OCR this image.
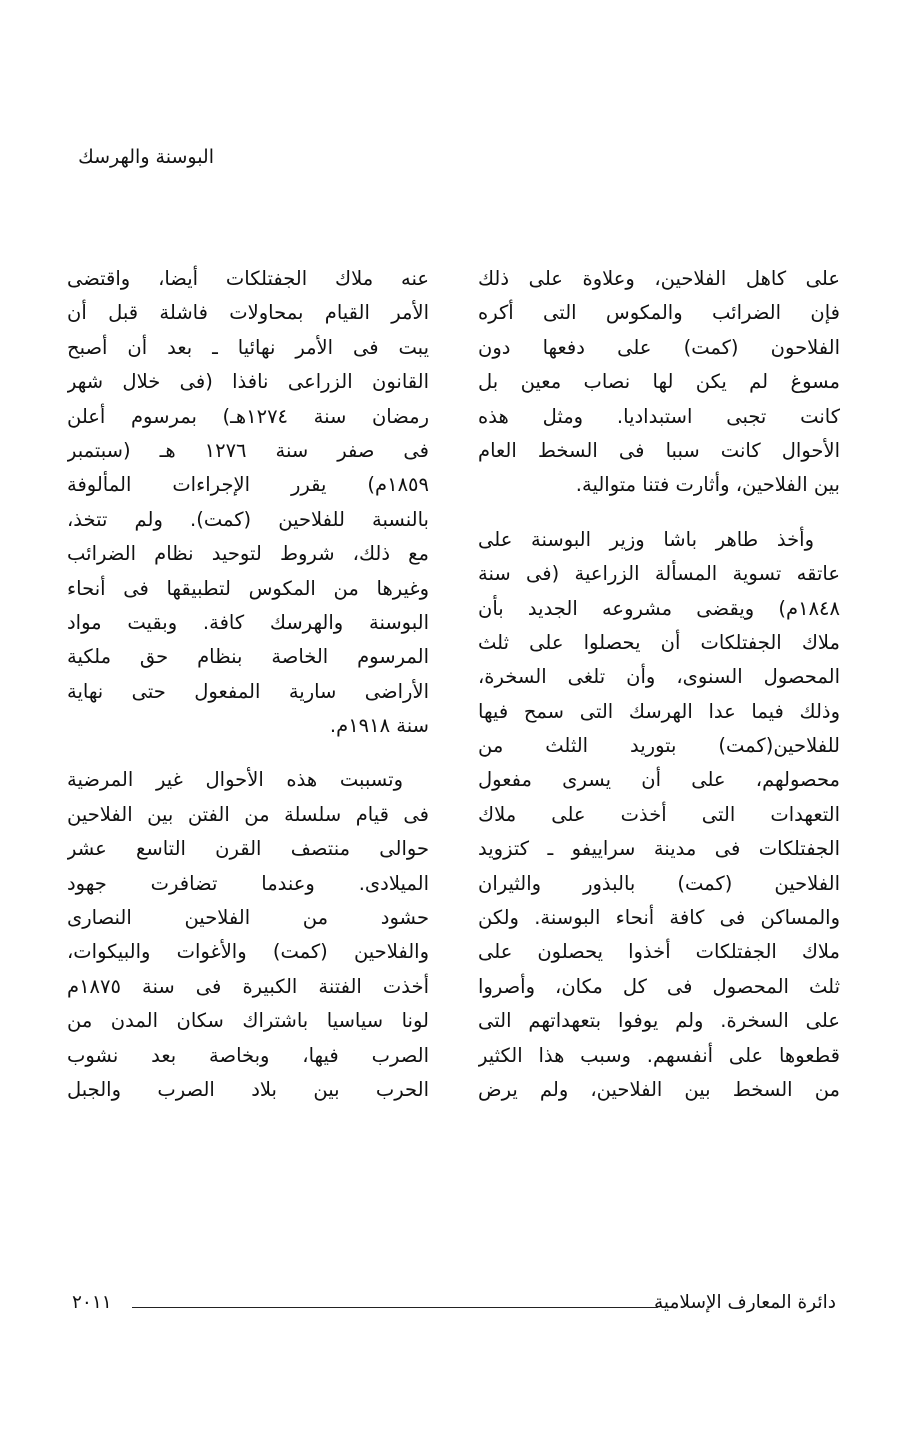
البوسنة والهرسك
على كاهل الفلاحين، وعلاوة على ذلك
فإن الضرائب والمكوس التى أكره
الفلاحون (كمت) على دفعها دون
مسوغ لم يكن لها نصاب معين بل
كانت تجبى استبداديا. ومثل هذه
الأحوال كانت سببا فى السخط العام
بين الفلاحين، وأثارت فتنا متوالية.
وأخذ طاهر باشا وزير البوسنة على
عاتقه تسوية المسألة الزراعية (فى سنة
١٨٤٨م) ويقضى مشروعه الجديد بأن
ملاك الجفتلكات أن يحصلوا على ثلث
المحصول السنوى، وأن تلغى السخرة،
وذلك فيما عدا الهرسك التى سمح فيها
للفلاحين(كمت) بتوريد الثلث من
محصولهم، على أن يسرى مفعول
التعهدات التى أخذت على ملاك
الجفتلكات فى مدينة سراييفو ـ كتزويد
الفلاحين (كمت) بالبذور والثيران
والمساكن فى كافة أنحاء البوسنة. ولكن
ملاك الجفتلكات أخذوا يحصلون على
ثلث المحصول فى كل مكان، وأصروا
على السخرة. ولم يوفوا بتعهداتهم التى
قطعوها على أنفسهم. وسبب هذا الكثير
من السخط بين الفلاحين، ولم يرض
عنه ملاك الجفتلكات أيضا، واقتضى
الأمر القيام بمحاولات فاشلة قبل أن
يبت فى الأمر نهائيا ـ بعد أن أصبح
القانون الزراعى نافذا (فى خلال شهر
رمضان سنة ١٢٧٤هـ) بمرسوم أعلن
فى صفر سنة ١٢٧٦ هـ (سبتمبر
١٨٥٩م) يقرر الإجراءات المألوفة
بالنسبة للفلاحين (كمت). ولم تتخذ،
مع ذلك، شروط لتوحيد نظام الضرائب
وغيرها من المكوس لتطبيقها فى أنحاء
البوسنة والهرسك كافة. وبقيت مواد
المرسوم الخاصة بنظام حق ملكية
الأراضى سارية المفعول حتى نهاية
سنة ١٩١٨م.
وتسببت هذه الأحوال غير المرضية
فى قيام سلسلة من الفتن بين الفلاحين
حوالى منتصف القرن التاسع عشر
الميلادى. وعندما تضافرت جهود
حشود من الفلاحين النصارى
والفلاحين (كمت) والأغوات والبيكوات،
أخذت الفتنة الكبيرة فى سنة ١٨٧٥م
لونا سياسيا باشتراك سكان المدن من
الصرب فيها، وبخاصة بعد نشوب
الحرب بين بلاد الصرب والجبل
دائرة المعارف الإسلامية
٢٠١١
